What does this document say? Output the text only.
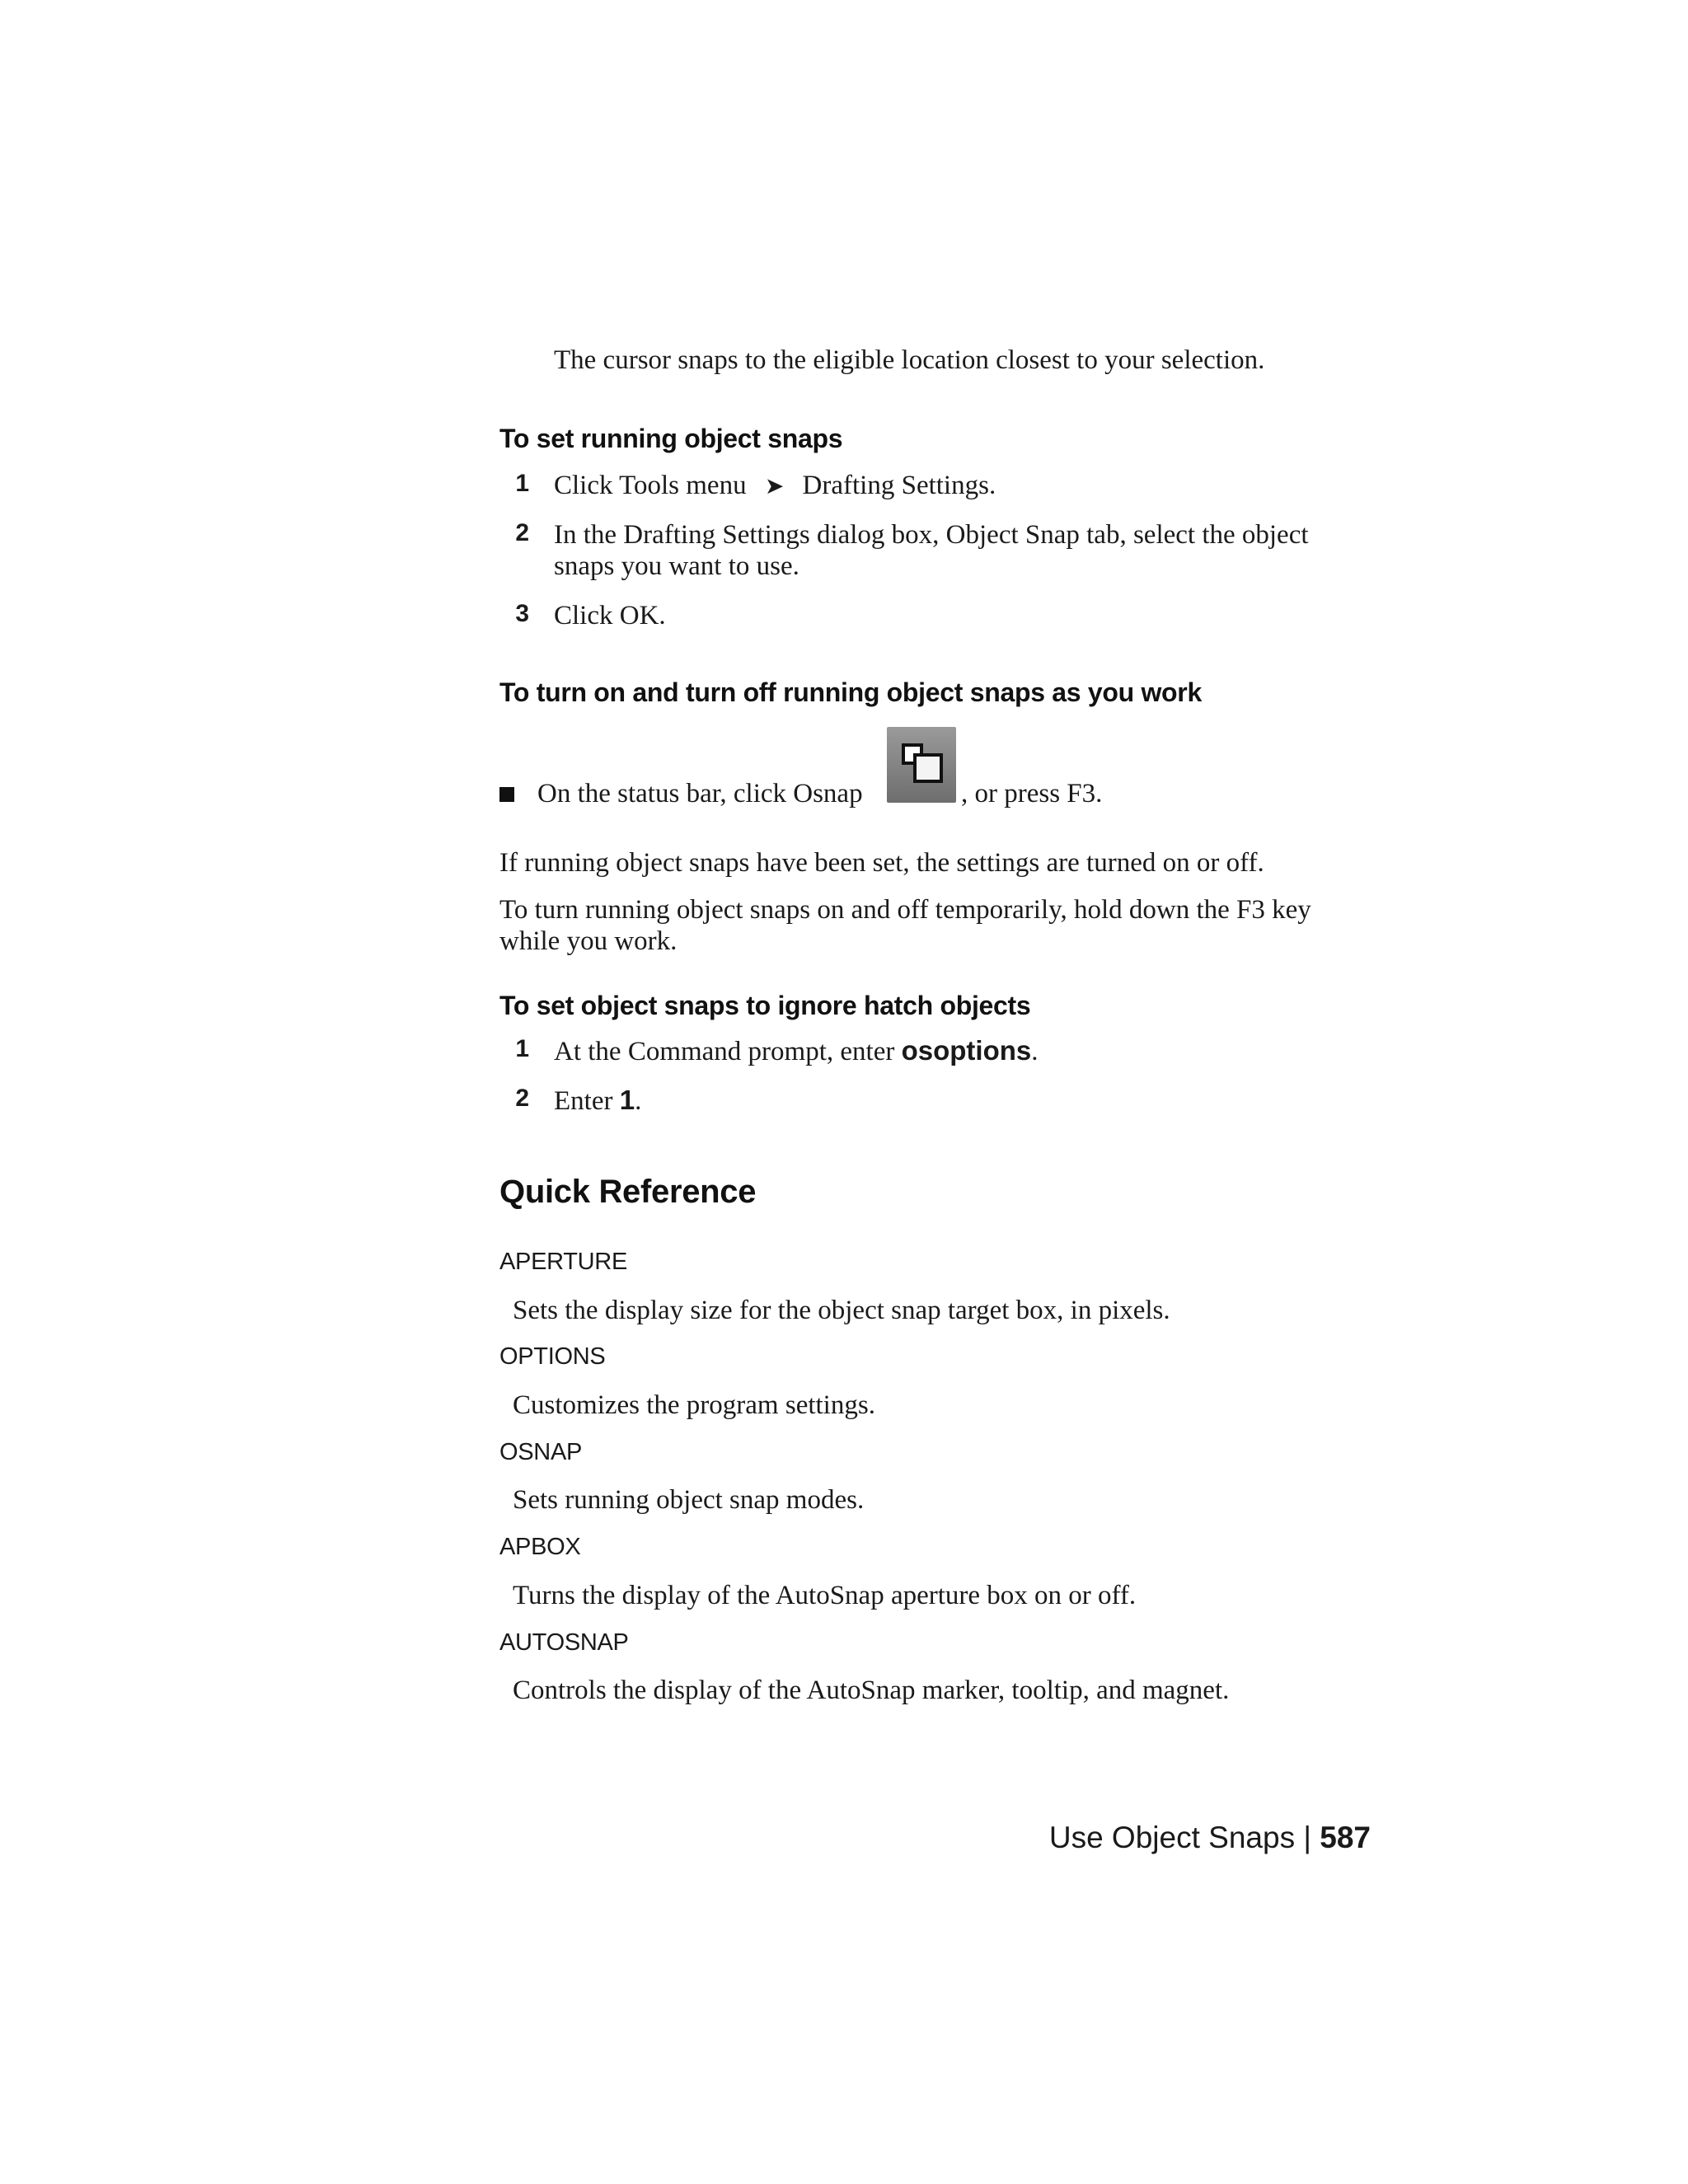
The cursor snaps to the eligible location closest to your selection.
To set running object snaps
1 Click Tools menu ➤ Drafting Settings.
2 In the Drafting Settings dialog box, Object Snap tab, select the object
snaps you want to use.
3 Click OK.
To turn on and turn off running object snaps as you work
On the status bar, click Osnap	, or press F3.
If running object snaps have been set, the settings are turned on or off.
To turn running object snaps on and off temporarily, hold down the F3 key
while you work.
To set object snaps to ignore hatch objects
1 At the Command prompt, enter osoptions.
2 Enter 1.
Quick Reference
APERTURE
Sets the display size for the object snap target box, in pixels.
OPTIONS
Customizes the program settings.
OSNAP
Sets running object snap modes.
APBOX
Turns the display of the AutoSnap aperture box on or off.
AUTOSNAP
Controls the display of the AutoSnap marker, tooltip, and magnet.
Use Object Snaps | 587
